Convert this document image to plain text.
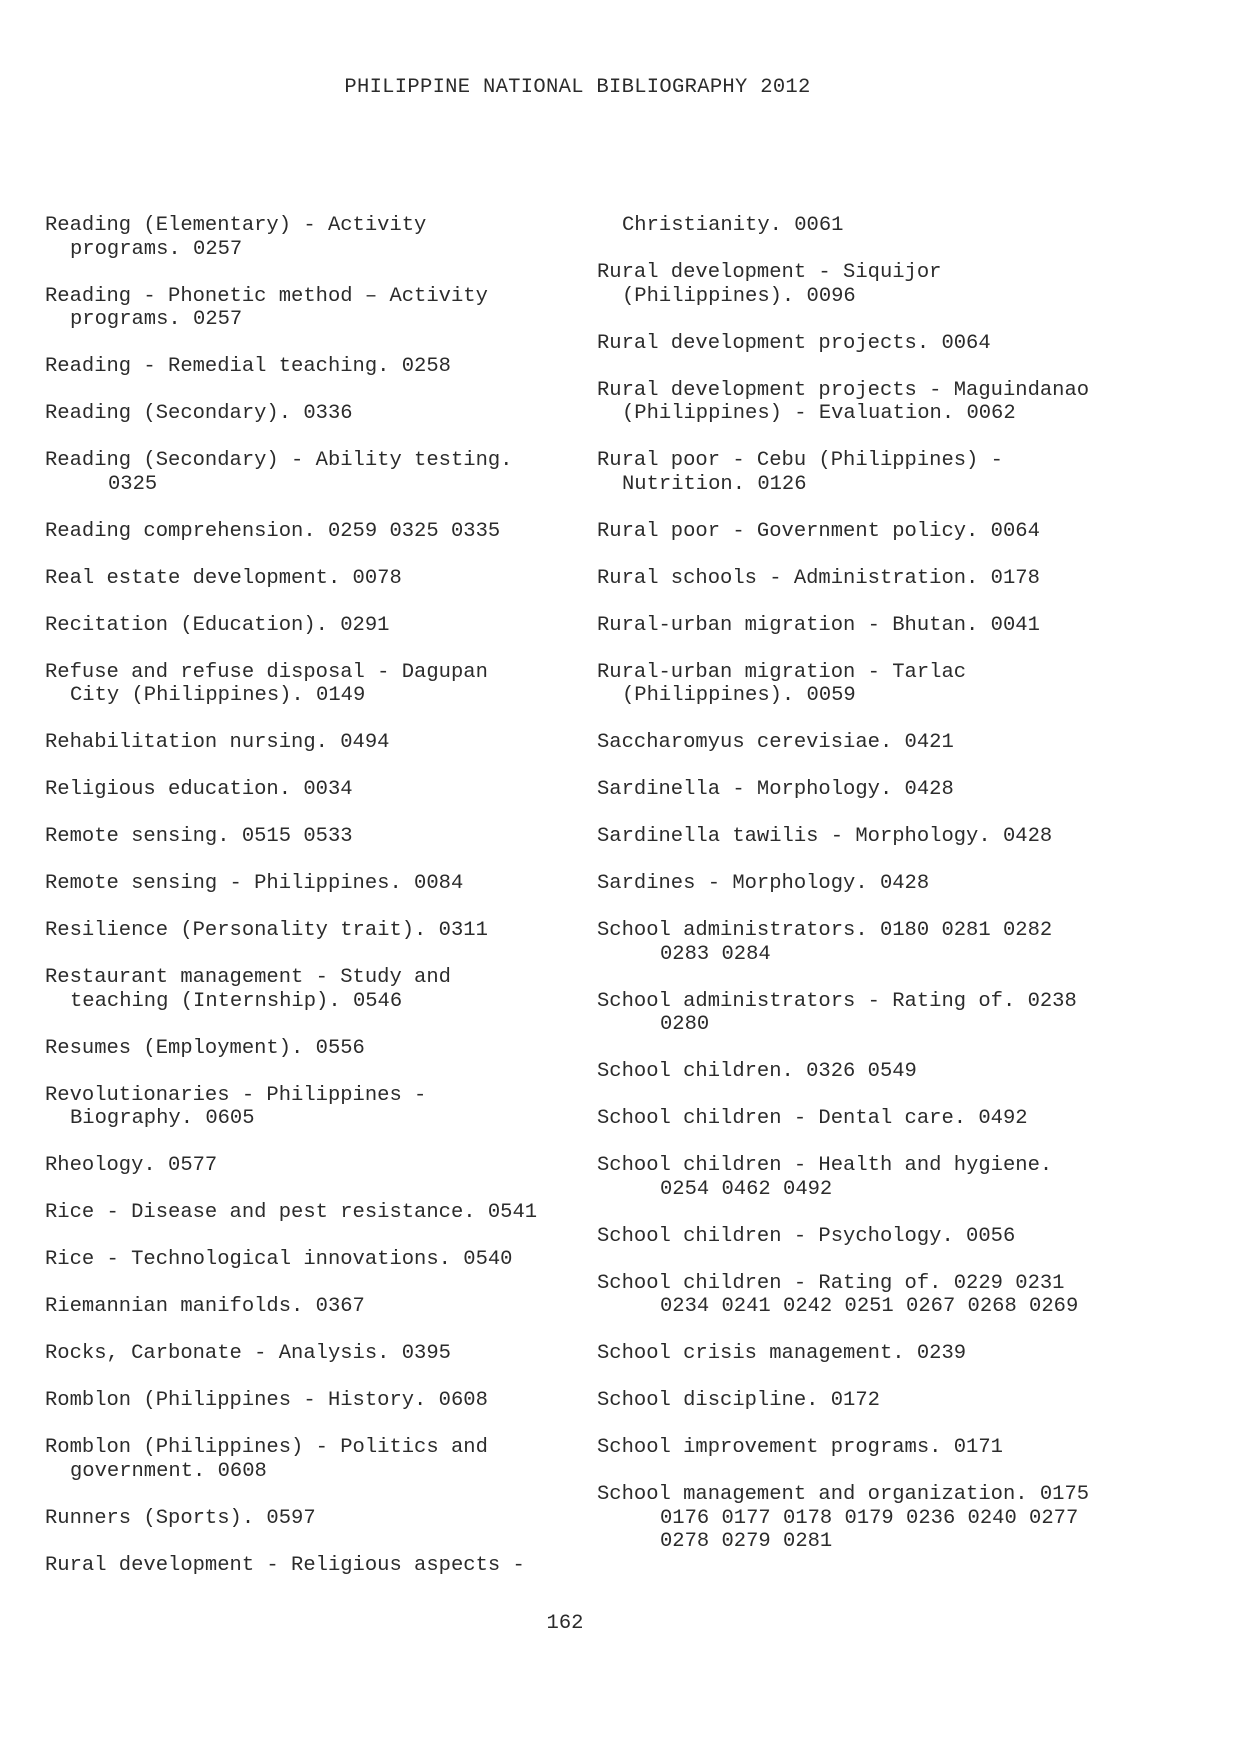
PHILIPPINE NATIONAL BIBLIOGRAPHY 2012
Reading (Elementary) - Activity
programs. 0257
Reading - Phonetic method – Activity
programs. 0257
Reading - Remedial teaching. 0258
Reading (Secondary). 0336
Reading (Secondary) - Ability testing.
0325
Reading comprehension. 0259 0325 0335
Real estate development. 0078
Recitation (Education). 0291
Refuse and refuse disposal - Dagupan
City (Philippines). 0149
Rehabilitation nursing. 0494
Religious education. 0034
Remote sensing. 0515 0533
Remote sensing - Philippines. 0084
Resilience (Personality trait). 0311
Restaurant management - Study and
teaching (Internship). 0546
Resumes (Employment). 0556
Revolutionaries - Philippines -
Biography. 0605
Rheology. 0577
Rice - Disease and pest resistance. 0541
Rice - Technological innovations. 0540
Riemannian manifolds. 0367
Rocks, Carbonate - Analysis. 0395
Romblon (Philippines - History. 0608
Romblon (Philippines) - Politics and
government. 0608
Runners (Sports). 0597
Rural development - Religious aspects -
Christianity. 0061
Rural development - Siquijor
(Philippines). 0096
Rural development projects. 0064
Rural development projects - Maguindanao
(Philippines) - Evaluation. 0062
Rural poor - Cebu (Philippines) -
Nutrition. 0126
Rural poor - Government policy. 0064
Rural schools - Administration. 0178
Rural-urban migration - Bhutan. 0041
Rural-urban migration - Tarlac
(Philippines). 0059
Saccharomyus cerevisiae. 0421
Sardinella - Morphology. 0428
Sardinella tawilis - Morphology. 0428
Sardines - Morphology. 0428
School administrators. 0180 0281 0282
0283 0284
School administrators - Rating of. 0238
0280
School children. 0326 0549
School children - Dental care. 0492
School children - Health and hygiene.
0254 0462 0492
School children - Psychology. 0056
School children - Rating of. 0229 0231
0234 0241 0242 0251 0267 0268 0269
School crisis management. 0239
School discipline. 0172
School improvement programs. 0171
School management and organization. 0175
0176 0177 0178 0179 0236 0240 0277
0278 0279 0281
162
